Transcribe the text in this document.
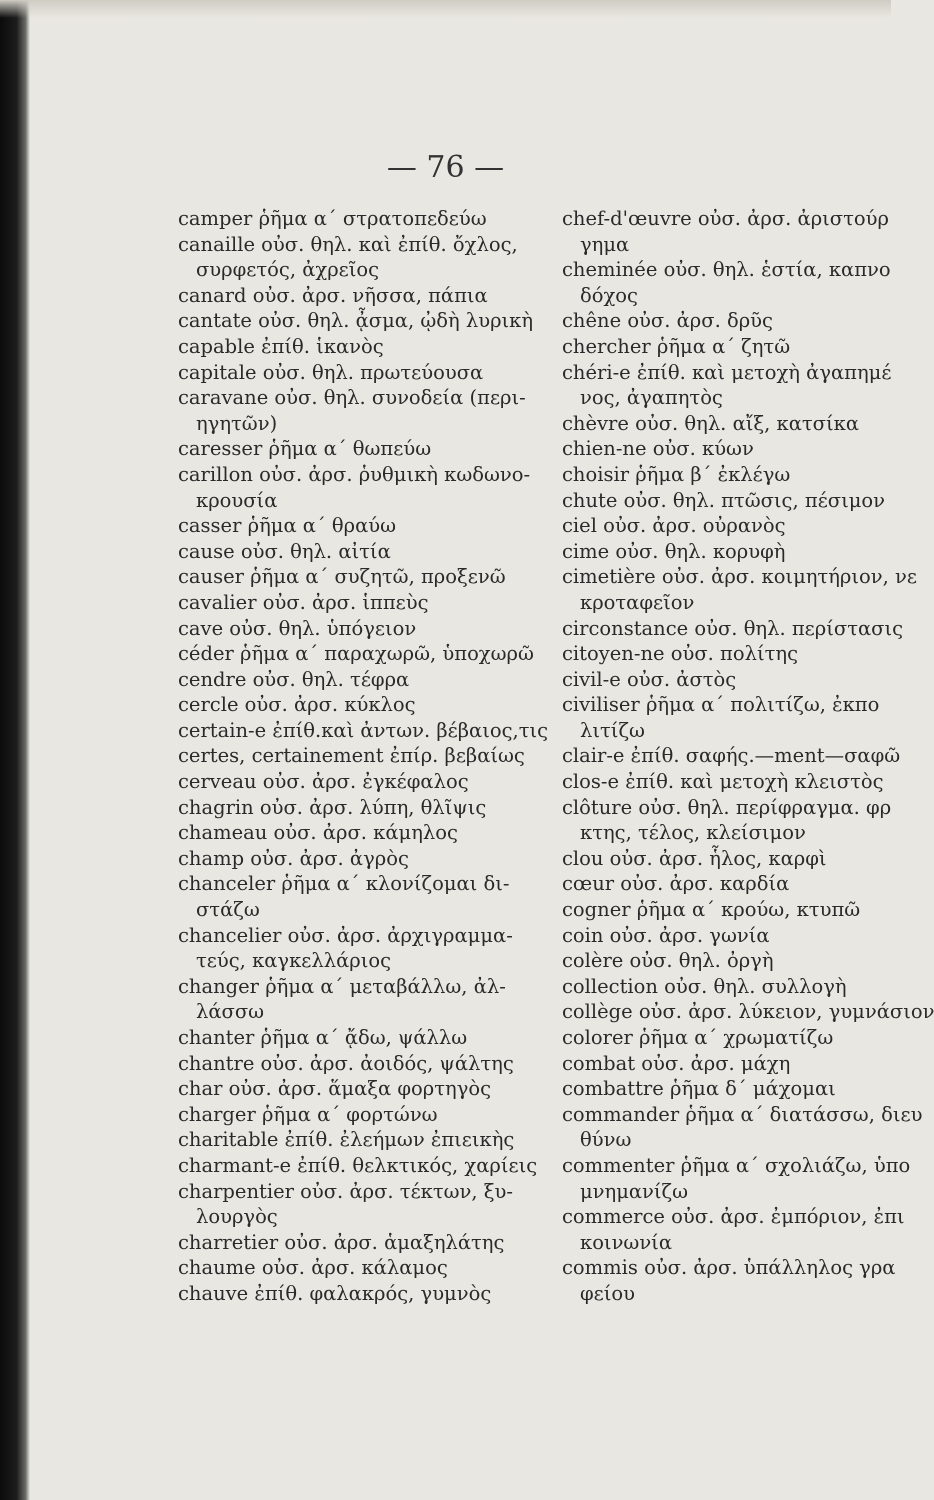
— 76 —
camper ῥῆμα α΄ στρατοπεδεύω
canaille οὐσ. θηλ. καὶ ἐπίθ. ὄχλος,
συρφετός, ἀχρεῖος
canard οὐσ. ἀρσ. νῆσσα, πάπια
cantate οὐσ. θηλ. ᾆσμα, ᾠδὴ λυρικὴ
capable ἐπίθ. ἱκανὸς
capitale οὐσ. θηλ. πρωτεύουσα
caravane οὐσ. θηλ. συνοδεία (περι-
ηγητῶν)
caresser ῥῆμα α΄ θωπεύω
carillon οὐσ. ἀρσ. ῥυθμικὴ κωδωνο-
κρουσία
casser ῥῆμα α΄ θραύω
cause οὐσ. θηλ. αἰτία
causer ῥῆμα α΄ συζητῶ, προξενῶ
cavalier οὐσ. ἀρσ. ἱππεὺς
cave οὐσ. θηλ. ὑπόγειον
céder ῥῆμα α΄ παραχωρῶ, ὑποχωρῶ
cendre οὐσ. θηλ. τέφρα
cercle οὐσ. ἀρσ. κύκλος
certain-e ἐπίθ.καὶ ἀντων. βέβαιος,τις
certes, certainement ἐπίρ. βεβαίως
cerveau οὐσ. ἀρσ. ἐγκέφαλος
chagrin οὐσ. ἀρσ. λύπη, θλῖψις
chameau οὐσ. ἀρσ. κάμηλος
champ οὐσ. ἀρσ. ἀγρὸς
chanceler ῥῆμα α΄ κλονίζομαι δι-
στάζω
chancelier οὐσ. ἀρσ. ἀρχιγραμμα-
τεύς, καγκελλάριος
changer ῥῆμα α΄ μεταβάλλω, ἀλ-
λάσσω
chanter ῥῆμα α΄ ᾄδω, ψάλλω
chantre οὐσ. ἀρσ. ἀοιδός, ψάλτης
char οὐσ. ἀρσ. ἅμαξα φορτηγὸς
charger ῥῆμα α΄ φορτώνω
charitable ἐπίθ. ἐλεήμων ἐπιεικὴς
charmant-e ἐπίθ. θελκτικός, χαρίεις
charpentier οὐσ. ἀρσ. τέκτων, ξυ-
λουργὸς
charretier οὐσ. ἀρσ. ἁμαξηλάτης
chaume οὐσ. ἀρσ. κάλαμος
chauve ἐπίθ. φαλακρός, γυμνὸς
chef-d'œuvre οὐσ. ἀρσ. ἀριστούρ
γημα
cheminée οὐσ. θηλ. ἑστία, καπνο
δόχος
chêne οὐσ. ἀρσ. δρῦς
chercher ῥῆμα α΄ ζητῶ
chéri-e ἐπίθ. καὶ μετοχὴ ἀγαπημέ
νος, ἀγαπητὸς
chèvre οὐσ. θηλ. αἴξ, κατσίκα
chien-ne οὐσ. κύων
choisir ῥῆμα β΄ ἐκλέγω
chute οὐσ. θηλ. πτῶσις, πέσιμον
ciel οὐσ. ἀρσ. οὐρανὸς
cime οὐσ. θηλ. κορυφὴ
cimetière οὐσ. ἀρσ. κοιμητήριον, νε
κροταφεῖον
circonstance οὐσ. θηλ. περίστασις
citoyen-ne οὐσ. πολίτης
civil-e οὐσ. ἀστὸς
civiliser ῥῆμα α΄ πολιτίζω, ἐκπο
λιτίζω
clair-e ἐπίθ. σαφής.—ment—σαφῶ
clos-e ἐπίθ. καὶ μετοχὴ κλειστὸς
clôture οὐσ. θηλ. περίφραγμα. φρ
κτης, τέλος, κλείσιμον
clou οὐσ. ἀρσ. ἧλος, καρφὶ
cœur οὐσ. ἀρσ. καρδία
cogner ῥῆμα α΄ κρούω, κτυπῶ
coin οὐσ. ἀρσ. γωνία
colère οὐσ. θηλ. ὀργὴ
collection οὐσ. θηλ. συλλογὴ
collège οὐσ. ἀρσ. λύκειον, γυμνάσιον
colorer ῥῆμα α΄ χρωματίζω
combat οὐσ. ἀρσ. μάχη
combattre ῥῆμα δ΄ μάχομαι
commander ῥῆμα α΄ διατάσσω, διευ
θύνω
commenter ῥῆμα α΄ σχολιάζω, ὑπο
μνημανίζω
commerce οὐσ. ἀρσ. ἐμπόριον, ἐπι
κοινωνία
commis οὐσ. ἀρσ. ὑπάλληλος γρα
φείου
